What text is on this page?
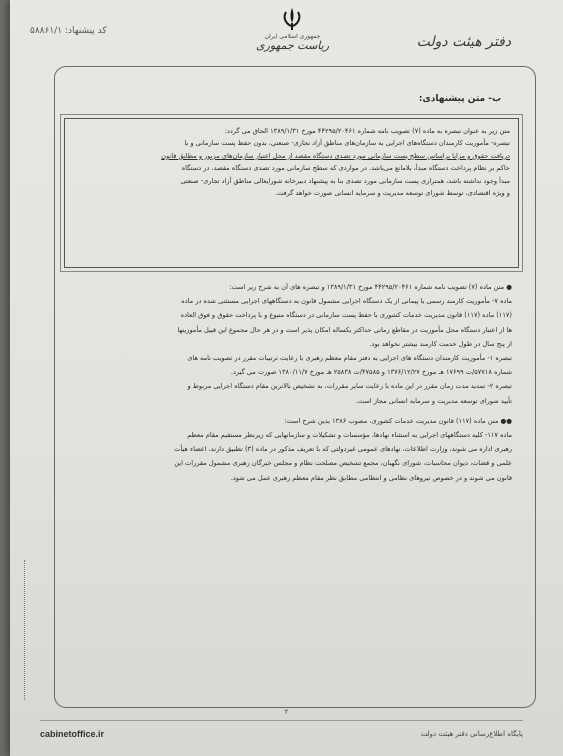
دفتر هیئت دولت
کد پیشنهاد: ۵۸۸۶۱/۱
جمهوری اسلامی ایران
ریاست جمهوری
ب- متن پیشنهادی:

متن زیر به عنوان تبصره به ماده (۷) تصویب نامه شماره ۴۴۲۹۵/۲۰۴۶۱ مورخ ۱۳۸۹/۱/۳۱ الحاق می گردد:

تبصره- مأموریت کارمندان دستگاه‌های اجرایی به سازمان‌های مناطق آزاد تجاری- صنعتی، بدون حفظ پست سازمانی و با

دریافت حقوق و مزایا براساس سطح پست سازمانی مورد تصدی دستگاه مقصد از محل اعتبار سازمان‌های مزبور و مطابق قانون

حاکم بر نظام پرداخت دستگاه مبدأ، بلامانع می‌باشد. در مواردی که سطح سازمانی مورد تصدی دستگاه مقصد، در دستگاه

مبدأ وجود نداشته باشد، همترازی پست سازمانی مورد تصدی بنا به پیشنهاد دبیرخانه شورایعالی مناطق آزاد تجاری- صنعتی

و ویژه اقتصادی، توسط شورای توسعه مدیریت و سرمایه انسانی صورت خواهد گرفت.

● متن ماده (۷) تصویب نامه شماره ۴۴۲۹۵/۲۰۴۶۱ مورخ ۱۳۸۹/۱/۳۱ و تبصره های آن به شرح زیر است:

ماده ۷- مأموریت کارمند رسمی یا پیمانی از یک دستگاه اجرایی مشمول قانون به دستگاههای اجرایی مستثنی شده در ماده

(۱۱۷) ماده (۱۱۷) قانون مدیریت خدمات کشوری با حفظ پست سازمانی در دستگاه متبوع و با پرداخت حقوق و فوق العاده

ها از اعتبار دستگاه محل مأموریت در مقاطع زمانی حداکثر یکساله امکان پذیر است و در هر حال مجموع این قبیل مأموریتها

از پنج سال در طول خدمت کارمند بیشتر نخواهد بود.

تبصره ۱- مأموریت کارمندان دستگاه های اجرایی به دفتر مقام معظم رهبری با رعایت ترتیبات مقرر در تصویب نامه های

شماره ۵۷۷۱۸/ت ۱۷۶۹۹ هـ مورخ ۱۳۷۶/۱۲/۲۷ و ۴۷۵۸۵/ت ۲۵۸۳۸ هـ مورخ ۱۳۸۰/۱۱/۷ صورت می گیرد.

تبصره ۲- تمدید مدت زمان مقرر در این ماده با رعایت سایر مقررات، به تشخیص بالاترین مقام دستگاه اجرایی مربوط و

تأیید شورای توسعه مدیریت و سرمایه انسانی مجاز است.

●● متن ماده (۱۱۷) قانون مدیریت خدمات کشوری، مصوب ۱۳۸۶ بدین شرح است:

ماده ۱۱۷- کلیه دستگاههای اجرایی به استثناء نهادها، مؤسسات و تشکیلات و سازمانهایی که زیرنظر مستقیم مقام معظم

رهبری اداره می شوند، وزارت اطلاعات، نهادهای عمومی غیردولتی که با تعریف مذکور در ماده (۳) تطبیق دارند، اعضاء هیأت

علمی و قضات، دیوان محاسبات، شورای نگهبان، مجمع تشخیص مصلحت نظام و مجلس خبرگان رهبری مشمول مقررات این

قانون می شوند و در خصوص نیروهای نظامی و انتظامی مطابق نظر مقام معظم رهبری عمل می شود.

۲
پایگاه اطلاع‌رسانی دفتر هیئت دولت
cabinetoffice.ir
